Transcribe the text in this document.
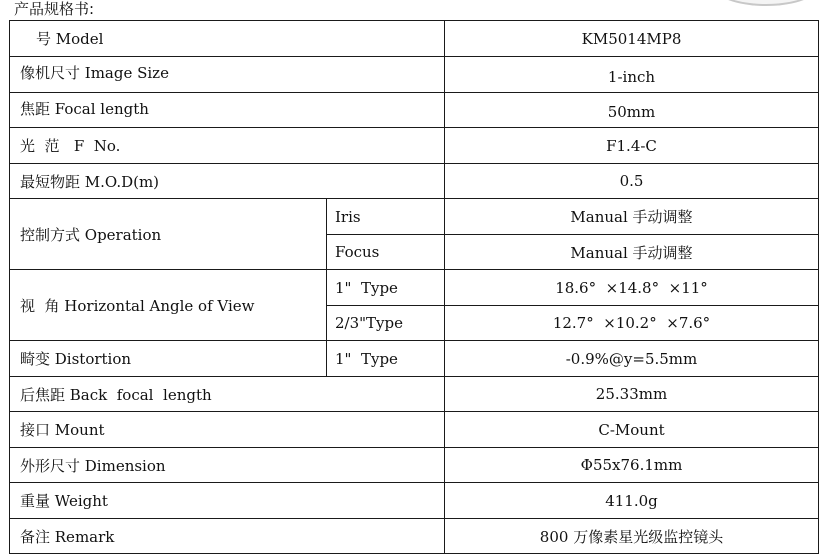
产品规格书:
号 Model		KM5014MP8
像机尺寸 Image Size		1-inch
焦距 Focal length		50mm
光  范   F  No.		F1.4-C
最短物距 M.O.D(m)		0.5
控制方式 Operation	Iris	Manual 手动调整
	Focus	Manual 手动调整
视  角 Horizontal Angle of View	1"  Type	18.6°  ×14.8°  ×11°
	2/3"Type	12.7°  ×10.2°  ×7.6°
畸变 Distortion	1"  Type	-0.9%@y=5.5mm
后焦距 Back  focal  length		25.33mm
接口 Mount		C-Mount
外形尺寸 Dimension		Φ55x76.1mm
重量 Weight		411.0g
备注 Remark		800 万像素星光级监控镜头
